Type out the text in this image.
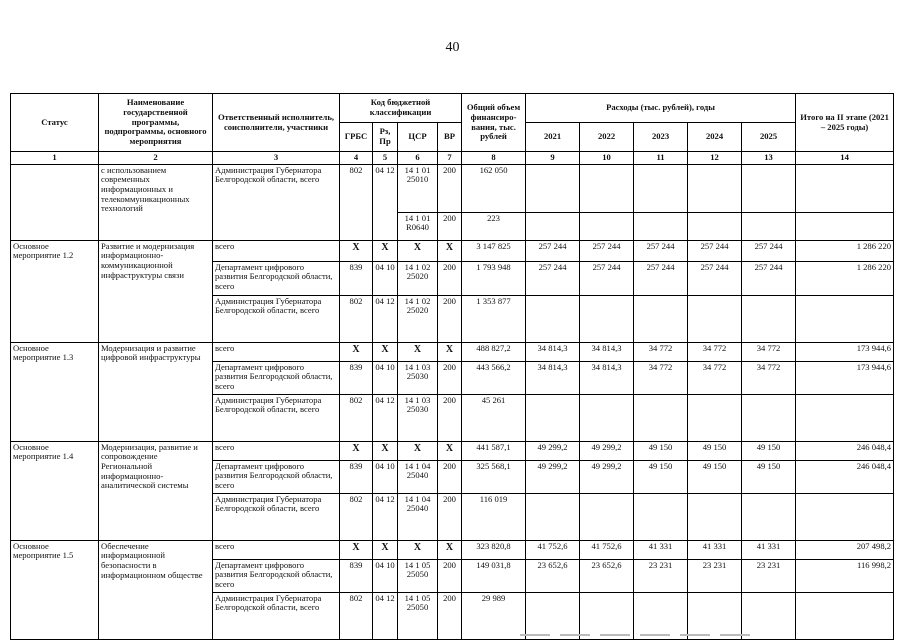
40
Статус	Наименование государственной программы, подпрограммы, основного мероприятия	Ответственный исполнитель, соисполнители, участники	Код бюджетной классификации				Общий объем финансиро-вания, тыс. рублей	Расходы (тыс. рублей), годы					Итого на II этапе (2021 – 2025 годы)
			ГРБС	Рз, Пр	ЦСР	ВР		2021	2022	2023	2024	2025	
1	2	3	4	5	6	7	8	9	10	11	12	13	14
	с использованием современных информационных и телекоммуникационных технологий	Администрация Губернатора Белгородской области, всего	802	04 12	14 1 01 25010	200	162 050						
					14 1 01 R0640	200	223						
Основное мероприятие 1.2	Развитие и модернизация информационно-коммуникационной инфраструктуры связи	всего	Х	Х	Х	Х	3 147 825	257 244	257 244	257 244	257 244	257 244	1 286 220
		Департамент цифрового развития Белгородской области, всего	839	04 10	14 1 02 25020	200	1 793 948	257 244	257 244	257 244	257 244	257 244	1 286 220
		Администрация Губернатора Белгородской области, всего	802	04 12	14 1 02 25020	200	1 353 877						
Основное мероприятие 1.3	Модернизация и развитие цифровой инфраструктуры	всего	Х	Х	Х	Х	488 827,2	34 814,3	34 814,3	34 772	34 772	34 772	173 944,6
		Департамент цифрового развития Белгородской области, всего	839	04 10	14 1 03 25030	200	443 566,2	34 814,3	34 814,3	34 772	34 772	34 772	173 944,6
		Администрация Губернатора Белгородской области, всего	802	04 12	14 1 03 25030	200	45 261						
Основное мероприятие 1.4	Модернизация, развитие и сопровождение Региональной информационно-аналитической системы	всего	Х	Х	Х	Х	441 587,1	49 299,2	49 299,2	49 150	49 150	49 150	246 048,4
		Департамент цифрового развития Белгородской области, всего	839	04 10	14 1 04 25040	200	325 568,1	49 299,2	49 299,2	49 150	49 150	49 150	246 048,4
		Администрация Губернатора Белгородской области, всего	802	04 12	14 1 04 25040	200	116 019						
Основное мероприятие 1.5	Обеспечение информационной безопасности в информационном обществе	всего	Х	Х	Х	Х	323 820,8	41 752,6	41 752,6	41 331	41 331	41 331	207 498,2
		Департамент цифрового развития Белгородской области, всего	839	04 10	14 1 05 25050	200	149 031,8	23 652,6	23 652,6	23 231	23 231	23 231	116 998,2
		Администрация Губернатора Белгородской области, всего	802	04 12	14 1 05 25050	200	29 989						
